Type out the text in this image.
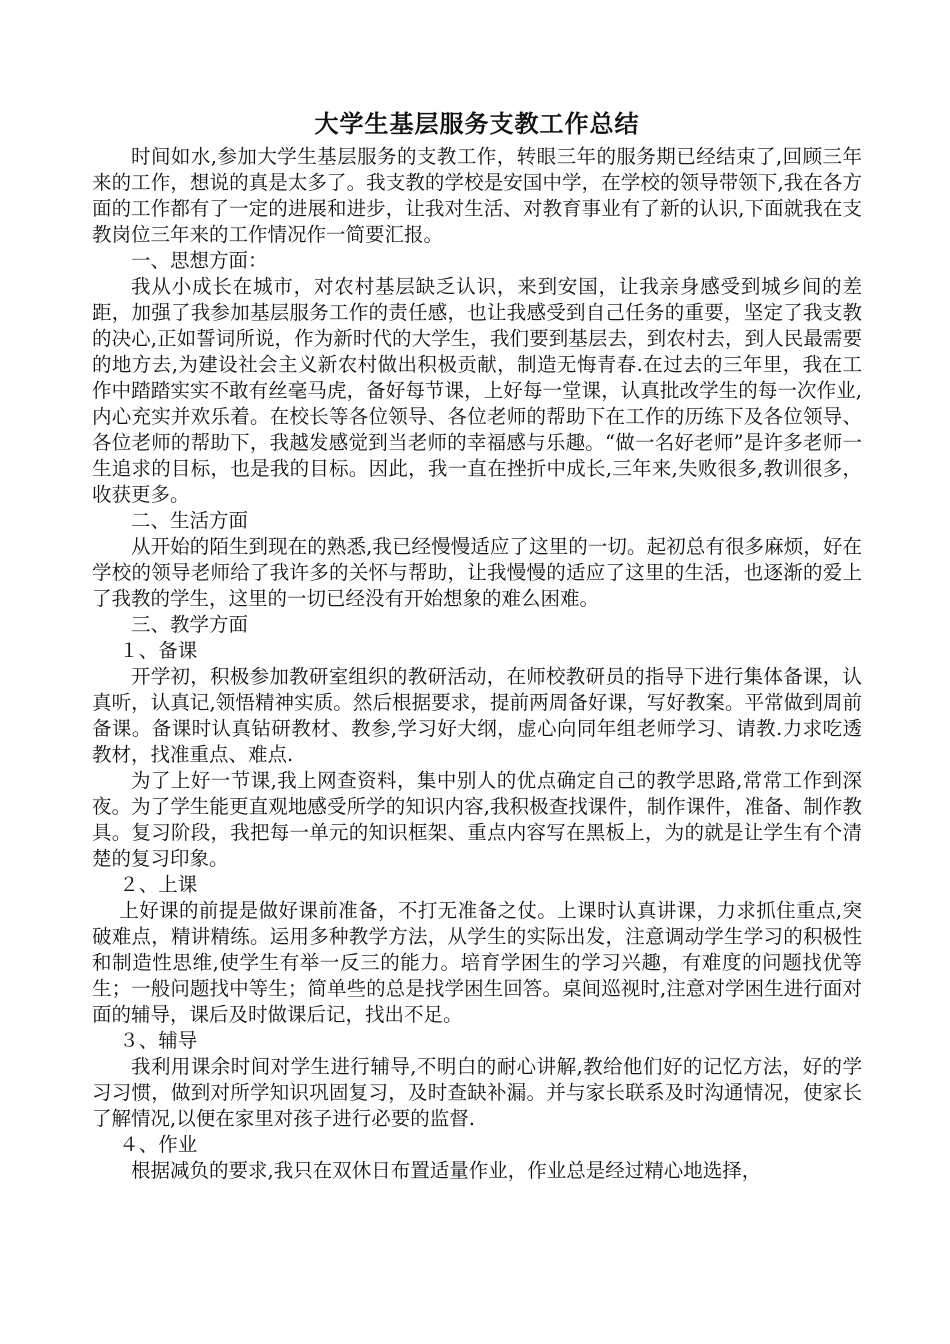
大学生基层服务支教工作总结

时间如水,参加大学生基层服务的支教工作，转眼三年的服务期已经结束了,回顾三年来的工作，想说的真是太多了。我支教的学校是安国中学，在学校的领导带领下,我在各方面的工作都有了一定的进展和进步，让我对生活、对教育事业有了新的认识,下面就我在支教岗位三年来的工作情况作一简要汇报。

一、思想方面：

我从小成长在城市，对农村基层缺乏认识，来到安国，让我亲身感受到城乡间的差距，加强了我参加基层服务工作的责任感，也让我感受到自己任务的重要，坚定了我支教的决心,正如誓词所说，作为新时代的大学生，我们要到基层去，到农村去，到人民最需要的地方去,为建设社会主义新农村做出积极贡献，制造无悔青春.在过去的三年里，我在工作中踏踏实实不敢有丝毫马虎，备好每节课，上好每一堂课，认真批改学生的每一次作业,内心充实并欢乐着。在校长等各位领导、各位老师的帮助下在工作的历练下及各位领导、各位老师的帮助下，我越发感觉到当老师的幸福感与乐趣。“做一名好老师”是许多老师一生追求的目标，也是我的目标。因此，我一直在挫折中成长,三年来,失败很多,教训很多，收获更多。

二、生活方面

从开始的陌生到现在的熟悉,我已经慢慢适应了这里的一切。起初总有很多麻烦，好在学校的领导老师给了我许多的关怀与帮助，让我慢慢的适应了这里的生活，也逐渐的爱上了我教的学生，这里的一切已经没有开始想象的难么困难。

三、教学方面

１、备课

开学初，积极参加教研室组织的教研活动，在师校教研员的指导下进行集体备课，认真听，认真记,领悟精神实质。然后根据要求，提前两周备好课，写好教案。平常做到周前备课。备课时认真钻研教材、教参,学习好大纲，虚心向同年组老师学习、请教.力求吃透教材，找准重点、难点.

为了上好一节课,我上网查资料，集中别人的优点确定自己的教学思路,常常工作到深夜。为了学生能更直观地感受所学的知识内容,我积极查找课件，制作课件，准备、制作教具。复习阶段，我把每一单元的知识框架、重点内容写在黑板上，为的就是让学生有个清楚的复习印象。

２、上课

上好课的前提是做好课前准备，不打无准备之仗。上课时认真讲课，力求抓住重点,突破难点，精讲精练。运用多种教学方法，从学生的实际出发，注意调动学生学习的积极性和制造性思维,使学生有举一反三的能力。培育学困生的学习兴趣，有难度的问题找优等生；一般问题找中等生；简单些的总是找学困生回答。桌间巡视时,注意对学困生进行面对面的辅导，课后及时做课后记，找出不足。

３、辅导

我利用课余时间对学生进行辅导,不明白的耐心讲解,教给他们好的记忆方法，好的学习习惯，做到对所学知识巩固复习，及时查缺补漏。并与家长联系及时沟通情况，使家长了解情况,以便在家里对孩子进行必要的监督.

４、作业

根据减负的要求,我只在双休日布置适量作业，作业总是经过精心地选择，
